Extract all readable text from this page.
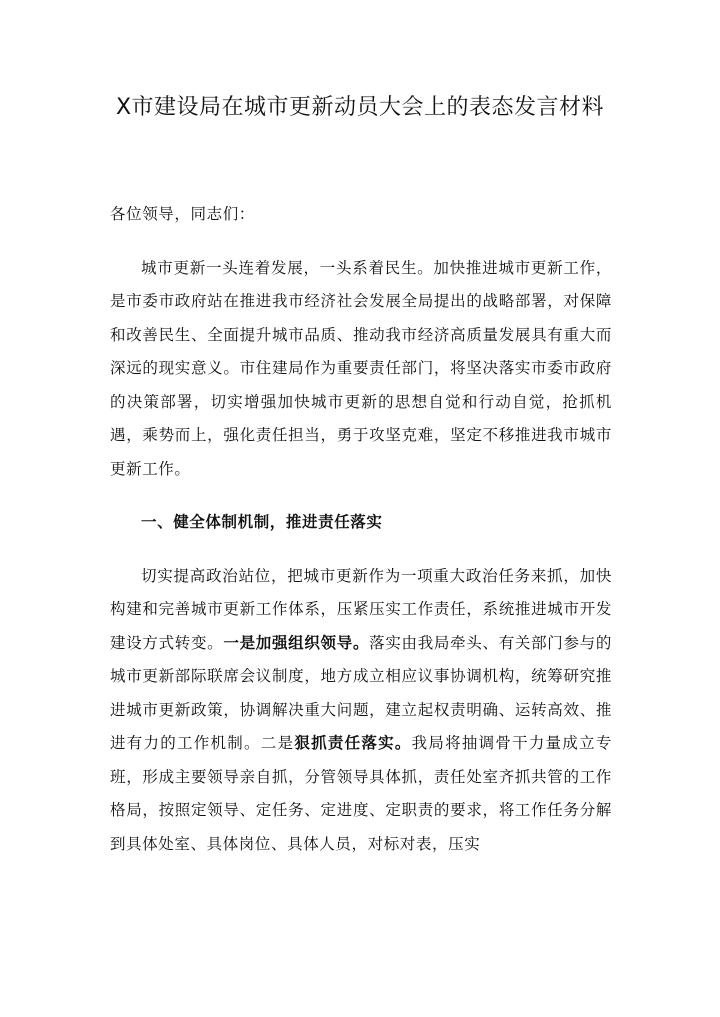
X市建设局在城市更新动员大会上的表态发言材料

各位领导，同志们：

城市更新一头连着发展，一头系着民生。加快推进城市更新工作，是市委市政府站在推进我市经济社会发展全局提出的战略部署，对保障和改善民生、全面提升城市品质、推动我市经济高质量发展具有重大而深远的现实意义。市住建局作为重要责任部门，将坚决落实市委市政府的决策部署，切实增强加快城市更新的思想自觉和行动自觉，抢抓机遇，乘势而上，强化责任担当，勇于攻坚克难，坚定不移推进我市城市更新工作。

一、健全体制机制，推进责任落实

切实提高政治站位，把城市更新作为一项重大政治任务来抓，加快构建和完善城市更新工作体系，压紧压实工作责任，系统推进城市开发建设方式转变。一是加强组织领导。落实由我局牵头、有关部门参与的城市更新部际联席会议制度，地方成立相应议事协调机构，统筹研究推进城市更新政策，协调解决重大问题，建立起权责明确、运转高效、推进有力的工作机制。二是狠抓责任落实。我局将抽调骨干力量成立专班，形成主要领导亲自抓，分管领导具体抓，责任处室齐抓共管的工作格局，按照定领导、定任务、定进度、定职责的要求，将工作任务分解到具体处室、具体岗位、具体人员，对标对表，压实
